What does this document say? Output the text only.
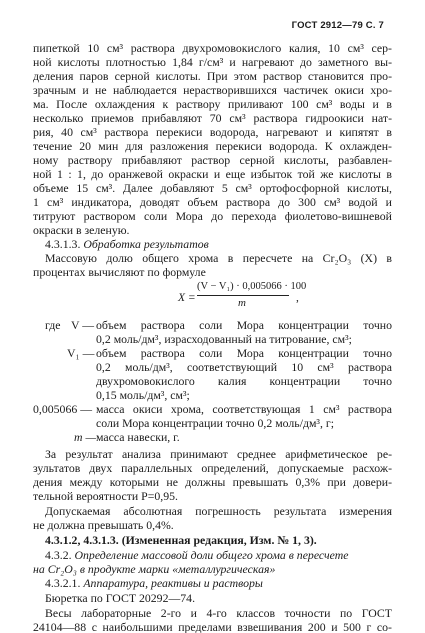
ГОСТ 2912—79 С. 7
пипеткой 10 см³ раствора двухромовокислого калия, 10 см³ сер-
ной кислоты плотностью 1,84 г/см³ и нагревают до заметного вы-
деления паров серной кислоты. При этом раствор становится про-
зрачным и не наблюдается нерастворившихся частичек окиси хро-
ма. После охлаждения к раствору приливают 100 см³ воды и в
несколько приемов прибавляют 70 см³ раствора гидроокиси нат-
рия, 40 см³ раствора перекиси водорода, нагревают и кипятят в
течение 20 мин для разложения перекиси водорода. К охлажден-
ному раствору прибавляют раствор серной кислоты, разбавлен-
ной 1 : 1, до оранжевой окраски и еще избыток той же кислоты в
объеме 15 см³. Далее добавляют 5 см³ ортофосфорной кислоты,
1 см³ индикатора, доводят объем раствора до 300 см³ водой и
титруют раствором соли Мора до перехода фиолетово-вишневой
окраски в зеленую.
4.3.1.3. Обработка результатов
Массовую долю общего хрома в пересчете на Cr₂O₃ (X) в
процентах вычисляют по формуле
X =
(V − V₁) · 0,005066 · 100
m	,
где V — объем раствора соли Мора концентрации точно
0,2 моль/дм³, израсходованный на титрование, см³;
V₁ — объем раствора соли Мора концентрации точно
0,2 моль/дм³, соответствующий 10 см³ раствора
двухромовокислого калия концентрации точно
0,15 моль/дм³, см³;
0,005066 — масса окиси хрома, соответствующая 1 см³ раствора
соли Мора концентрации точно 0,2 моль/дм³, г;
m — масса навески, г.
За результат анализа принимают среднее арифметическое ре-
зультатов двух параллельных определений, допускаемые расхож-
дения между которыми не должны превышать 0,3% при довери-
тельной вероятности P=0,95.
Допускаемая абсолютная погрешность результата измерения
не должна превышать 0,4%.
4.3.1.2, 4.3.1.3. (Измененная редакция, Изм. № 1, 3).
4.3.2. Определение массовой доли общего хрома в пересчете
на Cr₂O₃ в продукте марки «металлургическая»
4.3.2.1. Аппаратура, реактивы и растворы
Бюретка по ГОСТ 20292—74.
Весы лабораторные 2-го и 4-го классов точности по ГОСТ
24104—88 с наибольшими пределами взвешивания 200 и 500 г со-
